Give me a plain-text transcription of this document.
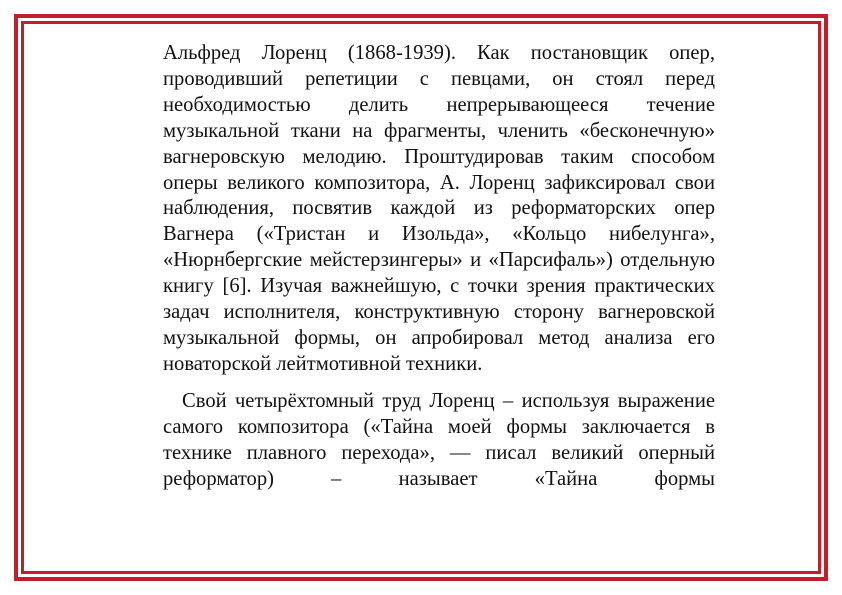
Альфред Лоренц (1868-1939). Как постановщик опер, проводивший репетиции с певцами, он стоял перед необходимостью делить непрерывающееся течение музыкальной ткани на фрагменты, членить «бесконечную» вагнеровскую мелодию. Проштудировав таким способом оперы великого композитора, А. Лоренц зафиксировал свои наблюдения, посвятив каждой из реформаторских опер Вагнера («Тристан и Изольда», «Кольцо нибелунга», «Нюрнбергские мейстерзингеры» и «Парсифаль») отдельную книгу [6]. Изучая важнейшую, с точки зрения практических задач исполнителя, конструктивную сторону вагнеровской музыкальной формы, он апробировал метод анализа его новаторской лейтмотивной техники.

Свой четырёхтомный труд Лоренц – используя выражение самого композитора («Тайна моей формы заключается в технике плавного перехода», — писал великий оперный реформатор) – называет «Тайна формы
